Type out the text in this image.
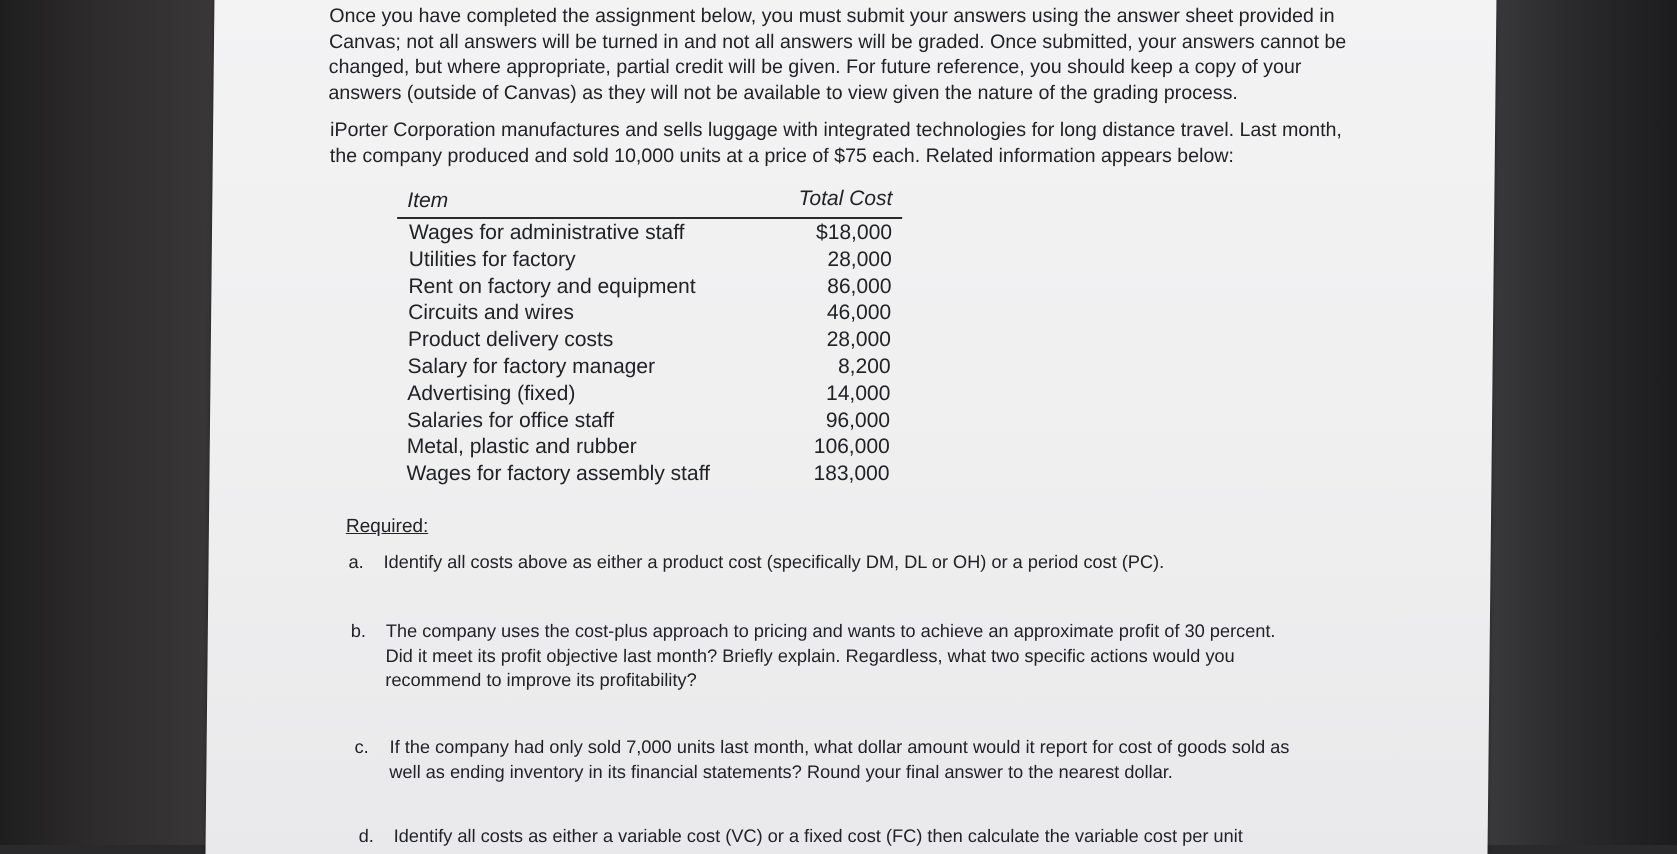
Once you have completed the assignment below, you must submit your answers using the answer sheet provided in
Canvas; not all answers will be turned in and not all answers will be graded. Once submitted, your answers cannot be
changed, but where appropriate, partial credit will be given. For future reference, you should keep a copy of your
answers (outside of Canvas) as they will not be available to view given the nature of the grading process.
iPorter Corporation manufactures and sells luggage with integrated technologies for long distance travel. Last month,
the company produced and sold 10,000 units at a price of $75 each. Related information appears below:
Item	Total Cost
Wages for administrative staff	$18,000
Utilities for factory	28,000
Rent on factory and equipment	86,000
Circuits and wires	46,000
Product delivery costs	28,000
Salary for factory manager	8,200
Advertising (fixed)	14,000
Salaries for office staff	96,000
Metal, plastic and rubber	106,000
Wages for factory assembly staff	183,000
Required:
a. Identify all costs above as either a product cost (specifically DM, DL or OH) or a period cost (PC).
b. The company uses the cost-plus approach to pricing and wants to achieve an approximate profit of 30 percent.
Did it meet its profit objective last month? Briefly explain. Regardless, what two specific actions would you
recommend to improve its profitability?
c. If the company had only sold 7,000 units last month, what dollar amount would it report for cost of goods sold as
well as ending inventory in its financial statements? Round your final answer to the nearest dollar.
d. Identify all costs as either a variable cost (VC) or a fixed cost (FC) then calculate the variable cost per unit
